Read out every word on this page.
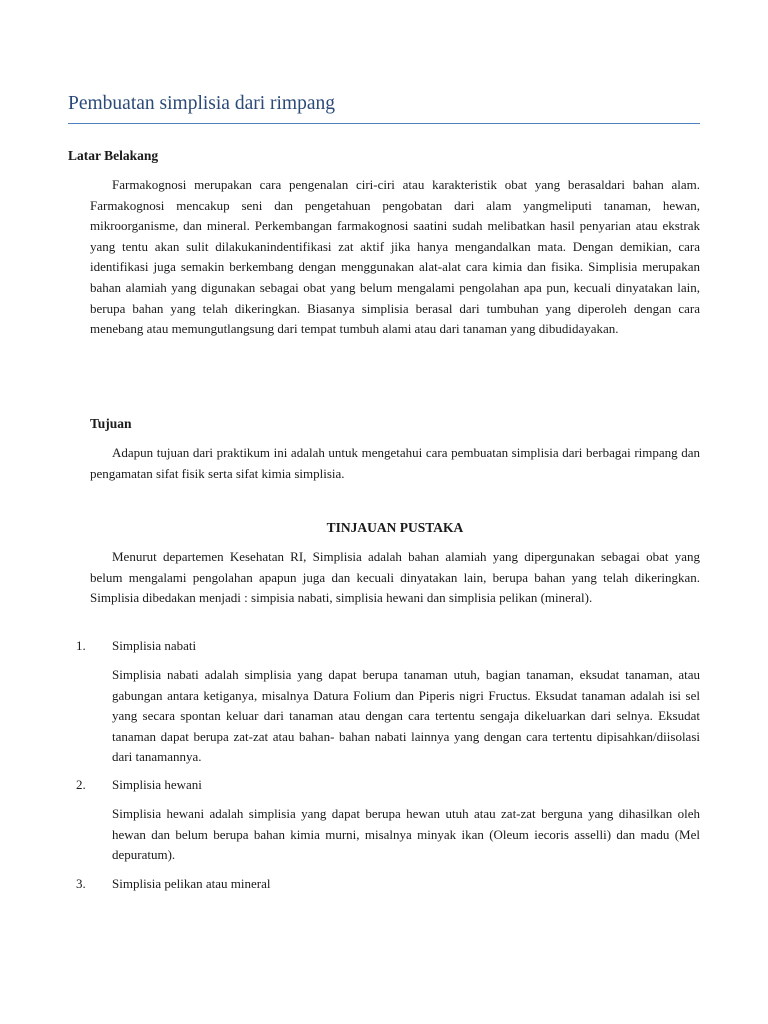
Pembuatan simplisia dari rimpang
Latar Belakang

Farmakognosi merupakan cara pengenalan ciri-ciri atau karakteristik obat yang berasaldari bahan alam. Farmakognosi mencakup seni dan pengetahuan pengobatan dari alam yangmeliputi tanaman, hewan, mikroorganisme, dan mineral. Perkembangan farmakognosi saatini sudah melibatkan hasil penyarian atau ekstrak yang tentu akan sulit dilakukanindentifikasi zat aktif jika hanya mengandalkan mata. Dengan demikian, cara identifikasi juga semakin berkembang dengan menggunakan alat-alat cara kimia dan fisika. Simplisia merupakan bahan alamiah yang digunakan sebagai obat yang belum mengalami pengolahan apa pun, kecuali dinyatakan lain, berupa bahan yang telah dikeringkan. Biasanya simplisia berasal dari tumbuhan yang diperoleh dengan cara menebang atau memungutlangsung dari tempat tumbuh alami atau dari tanaman yang dibudidayakan.

Tujuan

Adapun tujuan dari praktikum ini adalah untuk mengetahui cara pembuatan simplisia dari berbagai rimpang dan pengamatan sifat fisik serta sifat kimia simplisia.

TINJAUAN PUSTAKA

Menurut departemen Kesehatan RI, Simplisia adalah bahan alamiah yang dipergunakan sebagai obat yang belum mengalami pengolahan apapun juga dan kecuali dinyatakan lain, berupa bahan yang telah dikeringkan. Simplisia dibedakan menjadi : simpisia nabati, simplisia hewani dan simplisia pelikan (mineral).

1. Simplisia nabati

Simplisia nabati adalah simplisia yang dapat berupa tanaman utuh, bagian tanaman, eksudat tanaman, atau gabungan antara ketiganya, misalnya Datura Folium dan Piperis nigri Fructus. Eksudat tanaman adalah isi sel yang secara spontan keluar dari tanaman atau dengan cara tertentu sengaja dikeluarkan dari selnya. Eksudat tanaman dapat berupa zat-zat atau bahan- bahan nabati lainnya yang dengan cara tertentu dipisahkan/diisolasi dari tanamannya.

2. Simplisia hewani

Simplisia hewani adalah simplisia yang dapat berupa hewan utuh atau zat-zat berguna yang dihasilkan oleh hewan dan belum berupa bahan kimia murni, misalnya minyak ikan (Oleum iecoris asselli) dan madu (Mel depuratum).

3. Simplisia pelikan atau mineral
